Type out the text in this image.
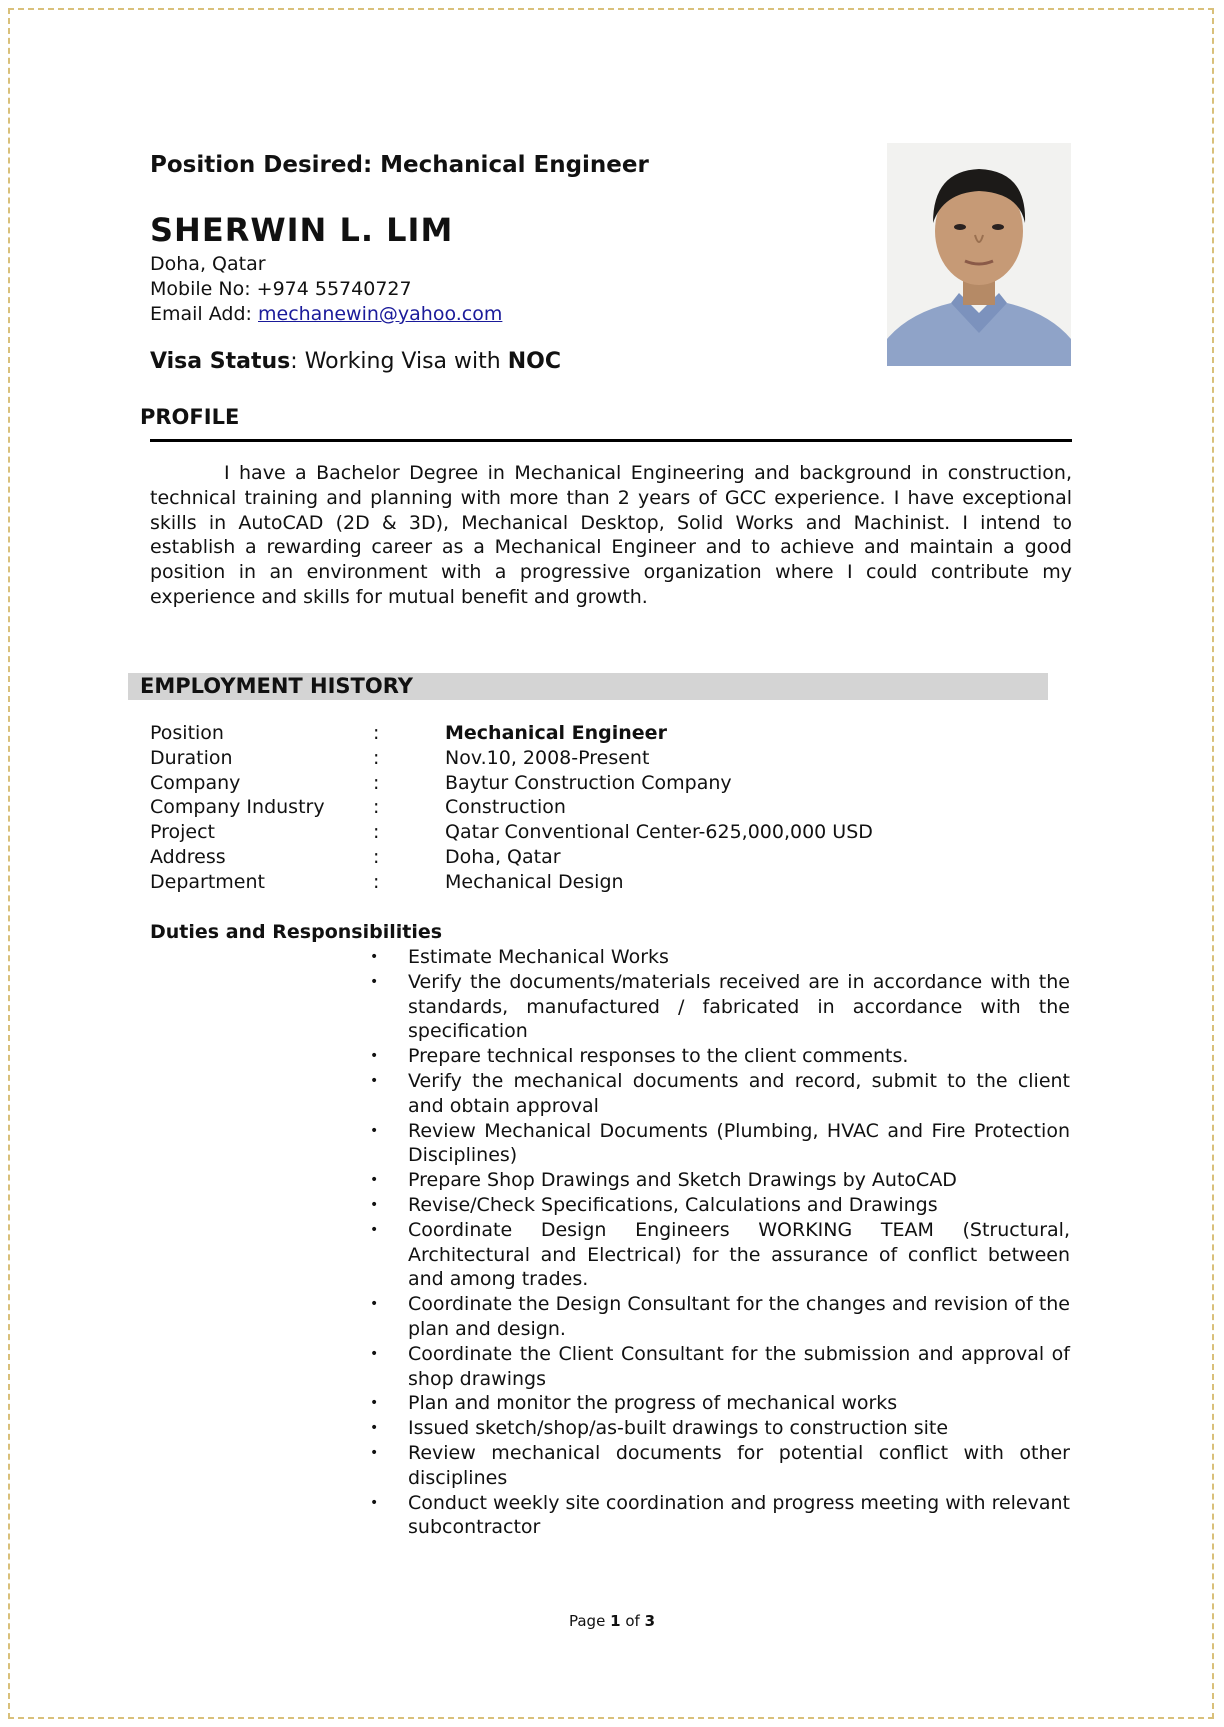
Position Desired: Mechanical Engineer
SHERWIN L. LIM
Doha, Qatar
Mobile No: +974 55740727
Email Add: mechanewin@yahoo.com
Visa Status: Working Visa with NOC
PROFILE

I have a Bachelor Degree in Mechanical Engineering and background in construction, technical training and planning with more than 2 years of GCC experience. I have exceptional skills in AutoCAD (2D & 3D), Mechanical Desktop, Solid Works and Machinist. I intend to establish a rewarding career as a Mechanical Engineer and to achieve and maintain a good position in an environment with a progressive organization where I could contribute my experience and skills for mutual benefit and growth.

EMPLOYMENT HISTORY
Position	:	Mechanical Engineer
Duration	:	Nov.10, 2008-Present
Company	:	Baytur Construction Company
Company Industry	:	Construction
Project	:	Qatar Conventional Center-625,000,000 USD
Address	:	Doha, Qatar
Department	:	Mechanical Design
Duties and Responsibilities
• Estimate Mechanical Works
• Verify the documents/materials received are in accordance with the standards, manufactured / fabricated in accordance with the specification
• Prepare technical responses to the client comments.
• Verify the mechanical documents and record, submit to the client and obtain approval
• Review Mechanical Documents (Plumbing, HVAC and Fire Protection Disciplines)
• Prepare Shop Drawings and Sketch Drawings by AutoCAD
• Revise/Check Specifications, Calculations and Drawings
• Coordinate Design Engineers WORKING TEAM (Structural, Architectural and Electrical) for the assurance of conflict between and among trades.
• Coordinate the Design Consultant for the changes and revision of the plan and design.
• Coordinate the Client Consultant for the submission and approval of shop drawings
• Plan and monitor the progress of mechanical works
• Issued sketch/shop/as-built drawings to construction site
• Review mechanical documents for potential conflict with other disciplines
• Conduct weekly site coordination and progress meeting with relevant subcontractor
Page 1 of 3
